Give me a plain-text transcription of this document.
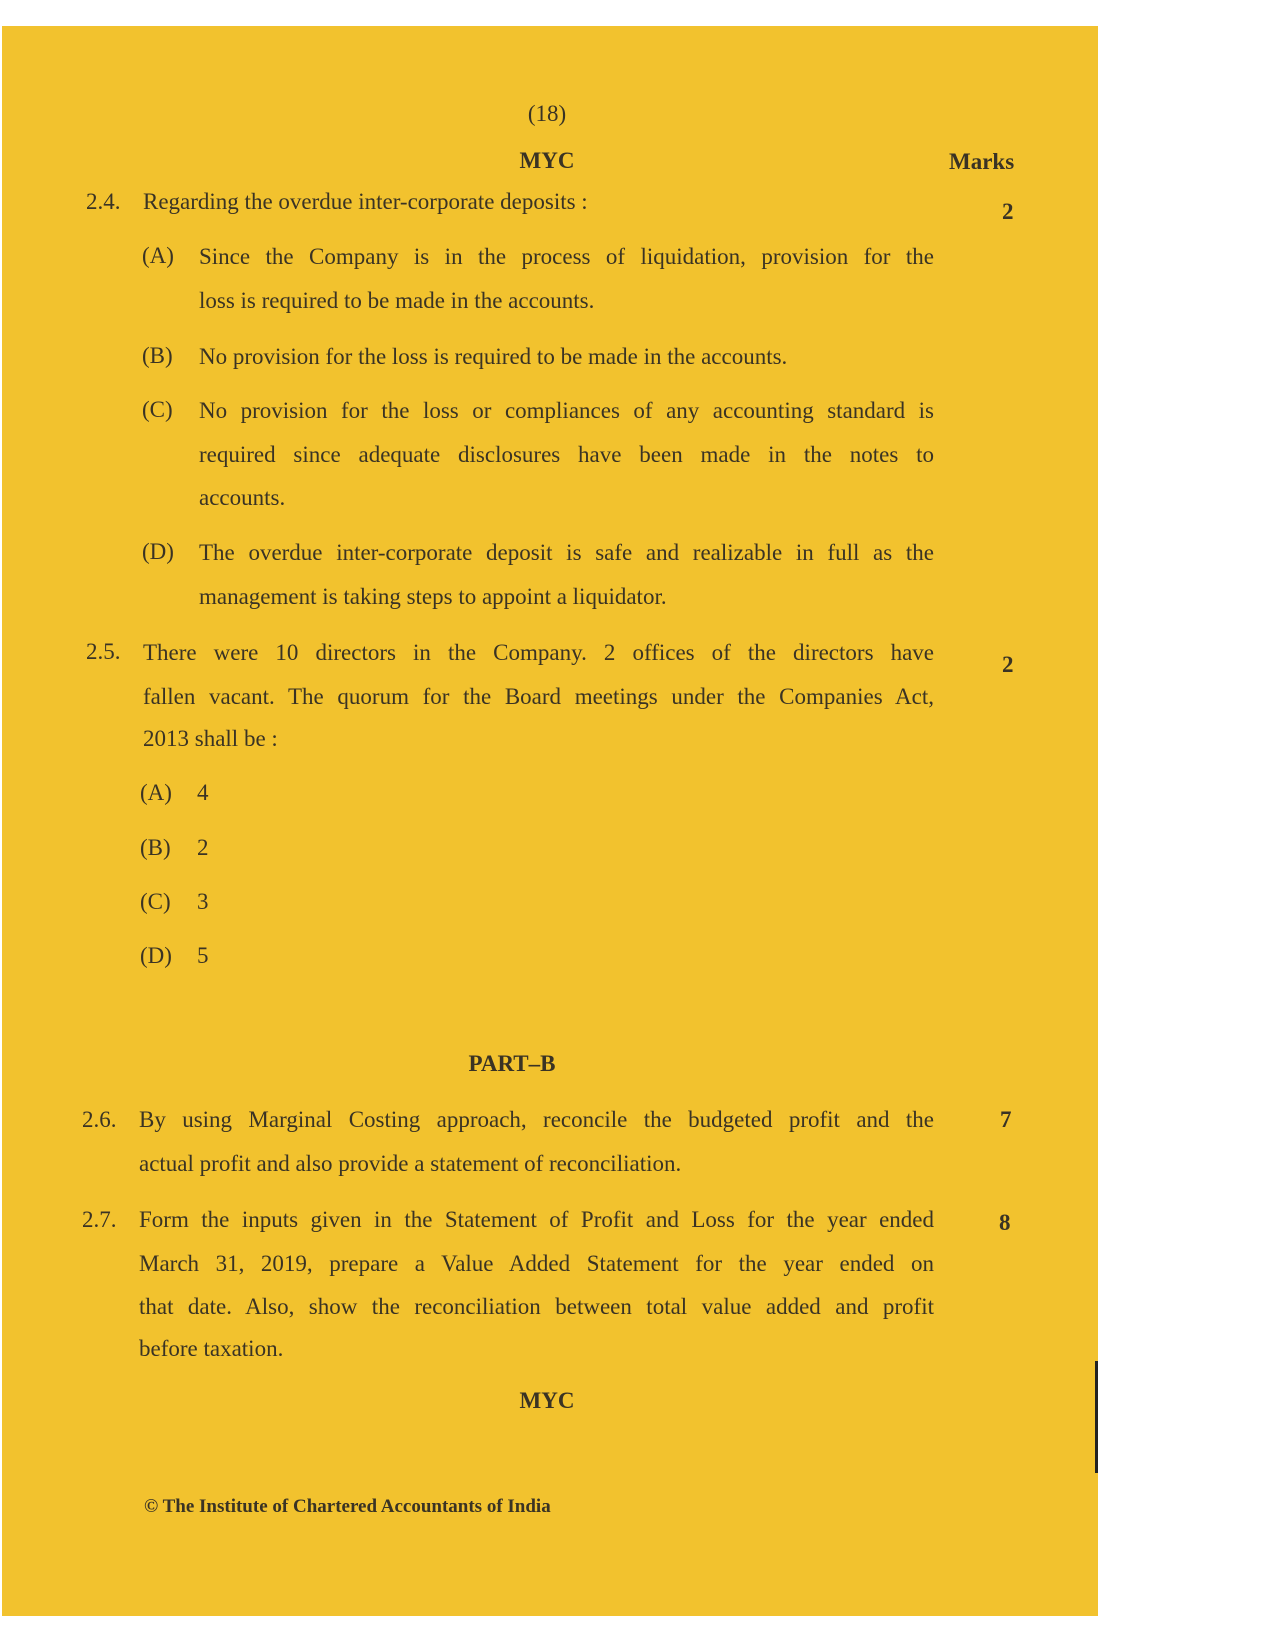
(18)
MYC	Marks
2.4. Regarding the overdue inter-corporate deposits :	2
(A) Since the Company is in the process of liquidation, provision for the
loss is required to be made in the accounts.
(B) No provision for the loss is required to be made in the accounts.
(C) No provision for the loss or compliances of any accounting standard is
required since adequate disclosures have been made in the notes to
accounts.
(D) The overdue inter-corporate deposit is safe and realizable in full as the
management is taking steps to appoint a liquidator.
2.5. There were 10 directors in the Company. 2 offices of the directors have
fallen vacant. The quorum for the Board meetings under the Companies Act,
2013 shall be :
2
(A) 4
(B) 2
(C) 3
(D) 5
PART–B
2.6. By using Marginal Costing approach, reconcile the budgeted profit and the
actual profit and also provide a statement of reconciliation.
7
2.7. Form the inputs given in the Statement of Profit and Loss for the year ended
March 31, 2019, prepare a Value Added Statement for the year ended on
that date. Also, show the reconciliation between total value added and profit
before taxation.
8
MYC
© The Institute of Chartered Accountants of India
